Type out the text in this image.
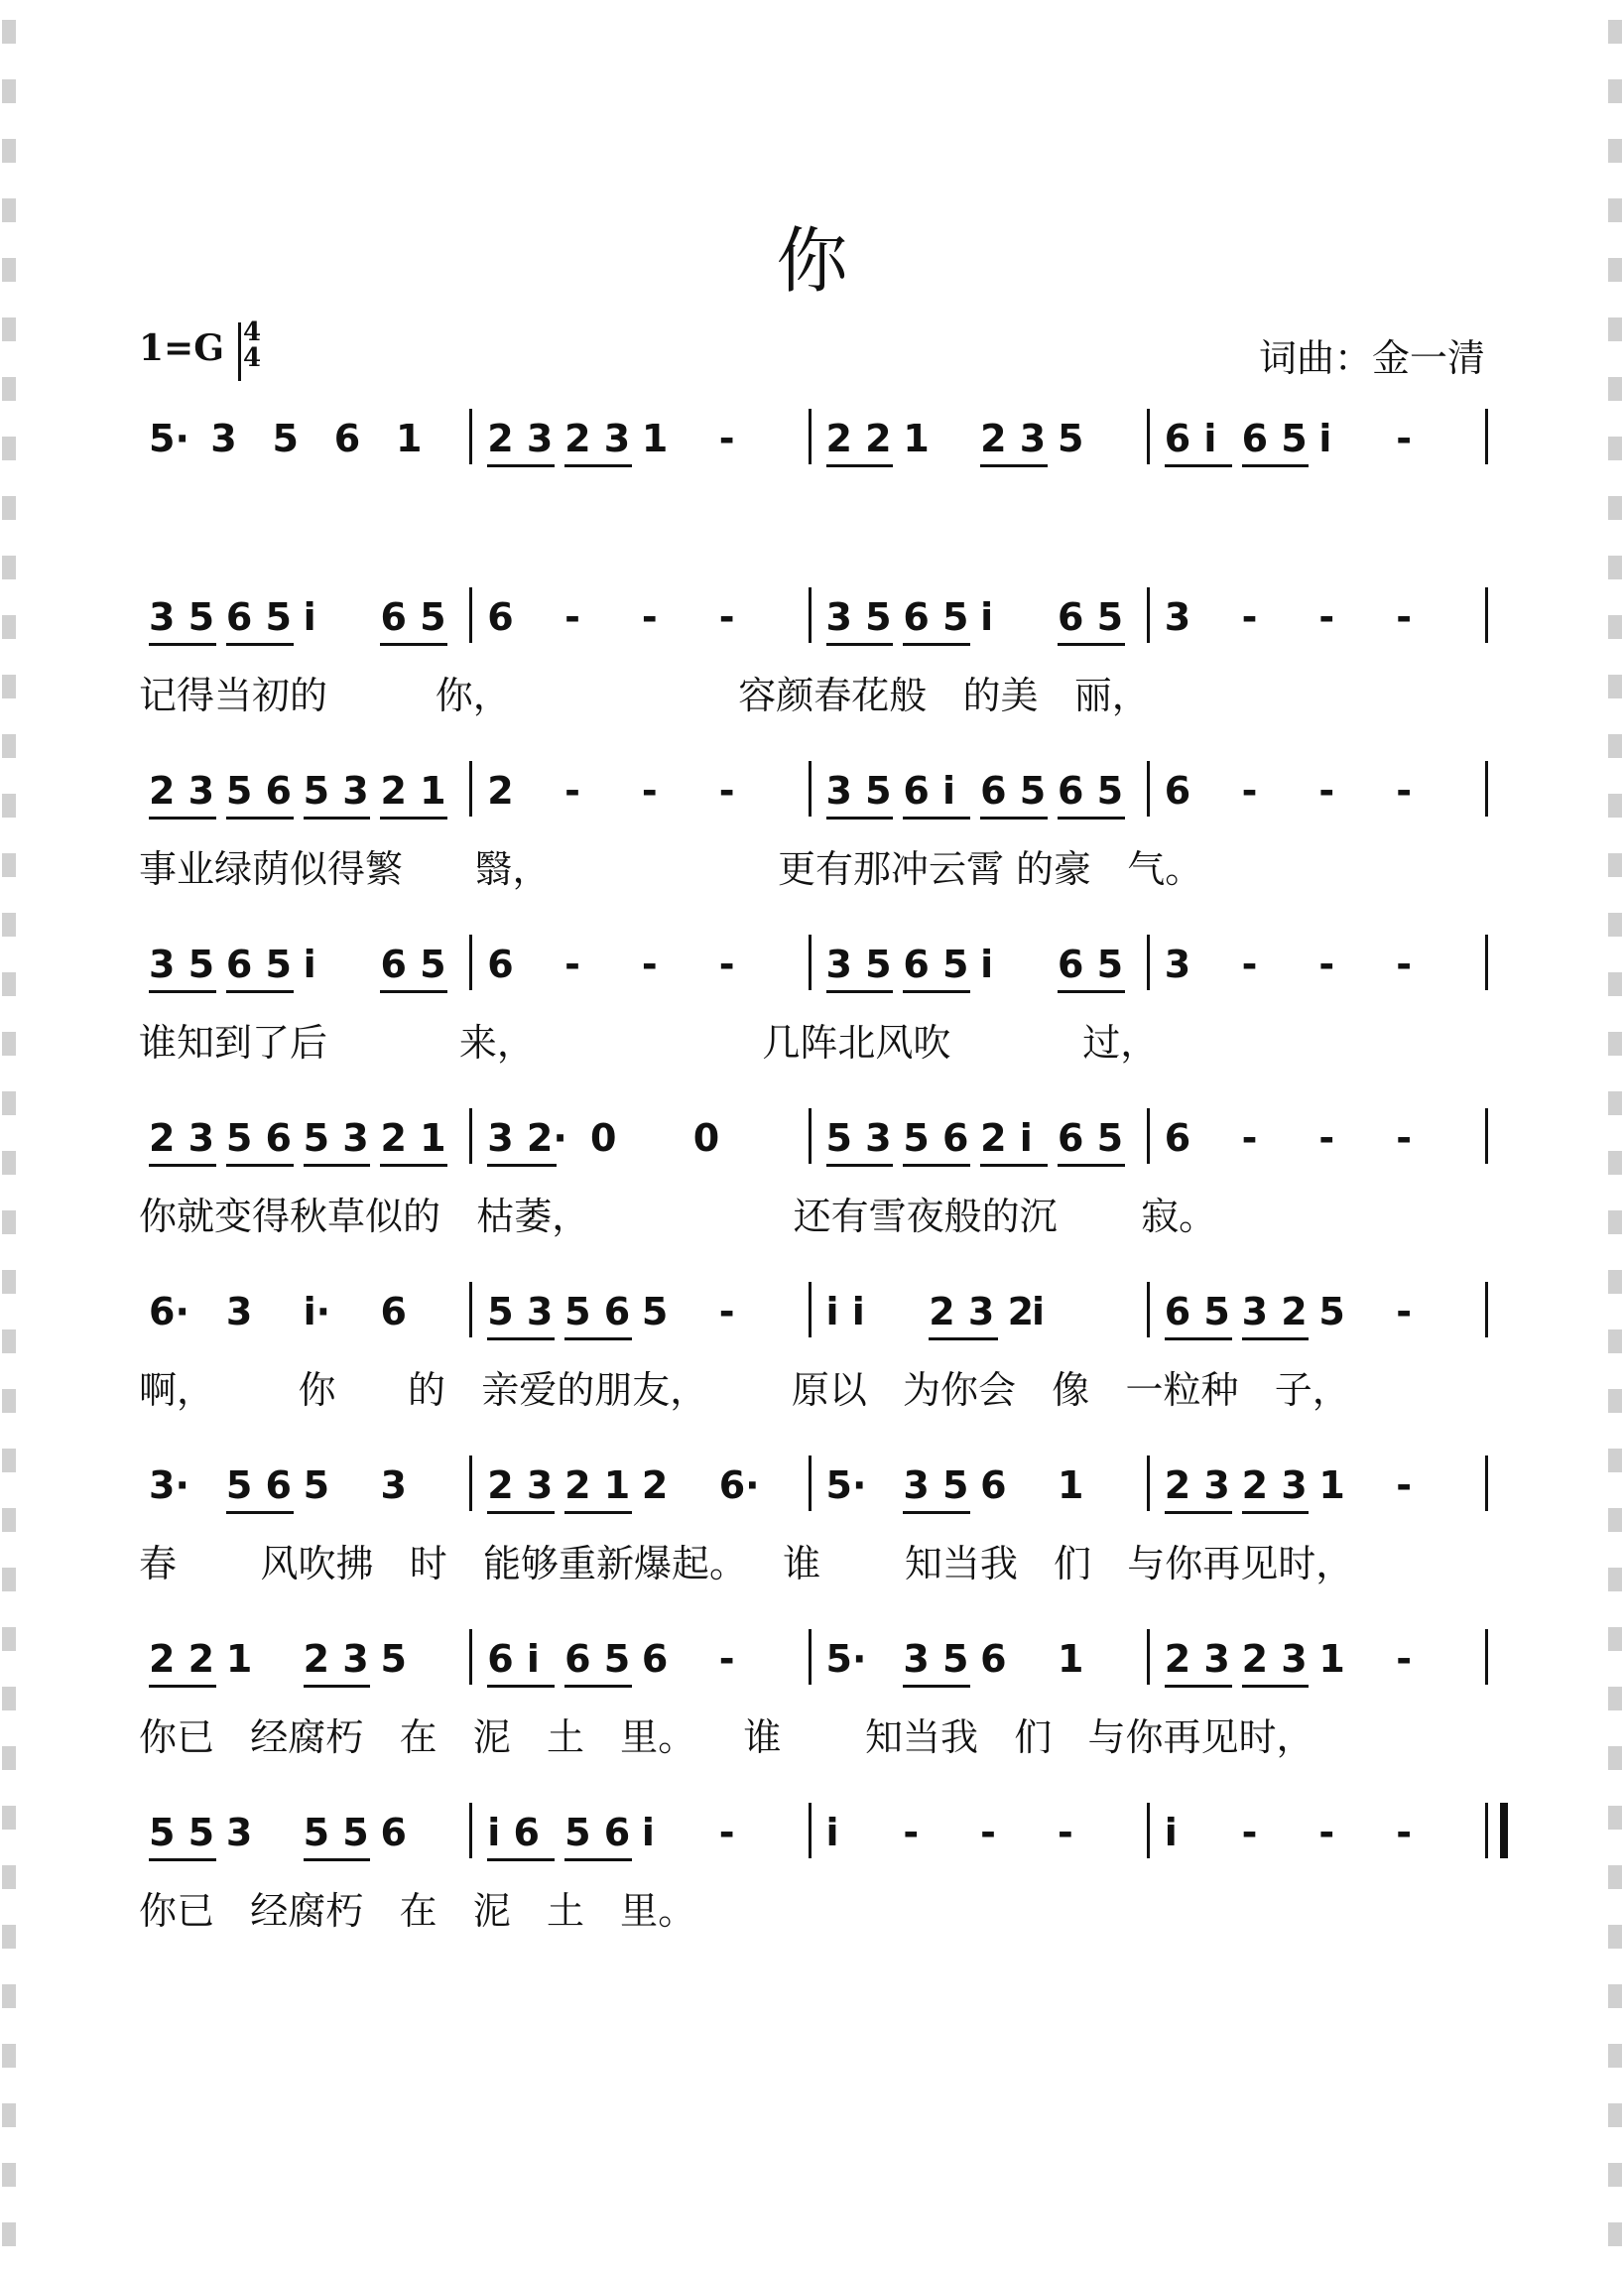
你
1=G 4
4	词曲：金一清
5· 3 5 6 1 2 3 2 3 1 - 2 2 1 2 3 5 6 i 6 5 i -
3 5 6 5 i 6 5 6 - - - 3 5 6 5 i 6 5 3 - - -
记得当初的         你，                   容颜春花般   的美   丽，
2 3 5 6 5 3 2 1 2 - - - 3 5 6 i 6 5 6 5 6 - - -
事业绿荫似得繁      翳，                   更有那冲云霄 的豪   气。
3 5 6 5 i 6 5 6 - - - 3 5 6 5 i 6 5 3 - - -
谁知到了后           来，                   几阵北风吹           过，
2 3 5 6 5 3 2 1 3 2· 0 0	5 3 5 6 2 i 6 5 6 - - -
你就变得秋草似的   枯萎，                 还有雪夜般的沉       寂。
6· 3 i· 6 5 3 5 6 5 - i i 2 3 2
i	6 5 3 2 5 -
啊，       你      的   亲爱的朋友，       原以   为你会   像   一粒种   子，
3· 5 6 5 3 2 3 2 1 2 6· 5· 3 5 6 1 2 3 2 3 1 -
春       风吹拂   时   能够重新爆起。   谁       知当我   们   与你再见时，
2 2 1 2 3 5 6 i 6 5 6 - 5· 3 5 6 1 2 3 2 3 1 -
你已   经腐朽   在   泥   土   里。    谁       知当我   们   与你再见时，
5 5 3 5 5 6 i 6 5 6 i - i - - - i - - -
你已   经腐朽   在   泥   土   里。
